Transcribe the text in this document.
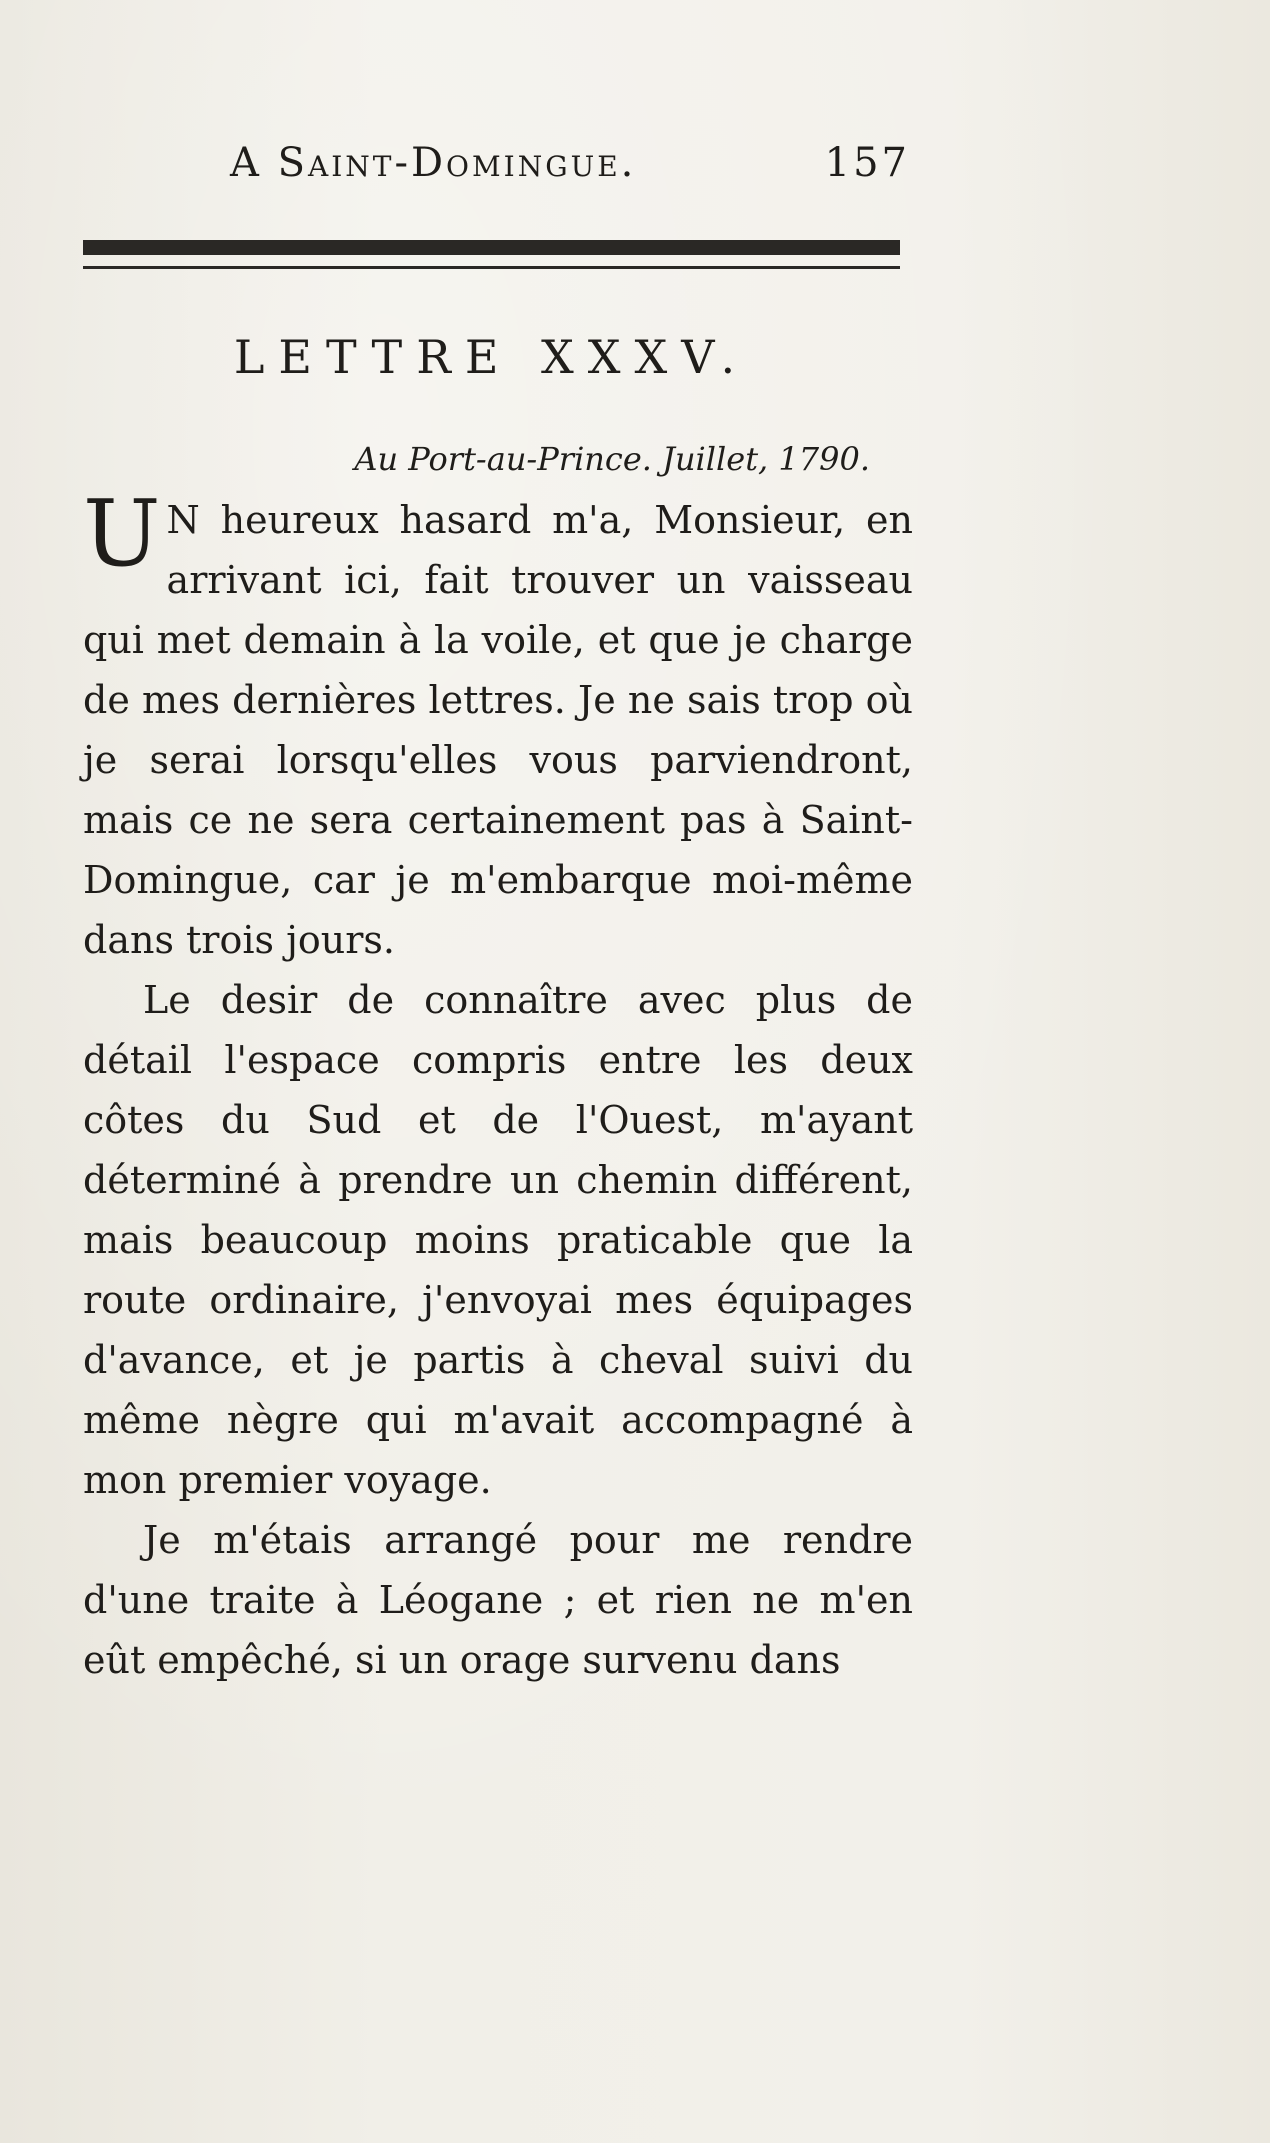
A Saint-Domingue.	157
LETTRE XXXV.
Au Port-au-Prince. Juillet, 1790.

U N heureux hasard m'a, Monsieur, en arrivant ici, fait trouver un vaisseau qui met demain à la voile, et que je charge de mes dernières lettres. Je ne sais trop où je serai lorsqu'elles vous parviendront, mais ce ne sera certainement pas à Saint-Domingue, car je m'embarque moi-même dans trois jours.

Le desir de connaître avec plus de détail l'espace compris entre les deux côtes du Sud et de l'Ouest, m'ayant déterminé à prendre un chemin différent, mais beaucoup moins praticable que la route ordinaire, j'envoyai mes équipages d'avance, et je partis à cheval suivi du même nègre qui m'avait accompagné à mon premier voyage.

Je m'étais arrangé pour me rendre d'une traite à Léogane ; et rien ne m'en eût empêché, si un orage survenu dans
